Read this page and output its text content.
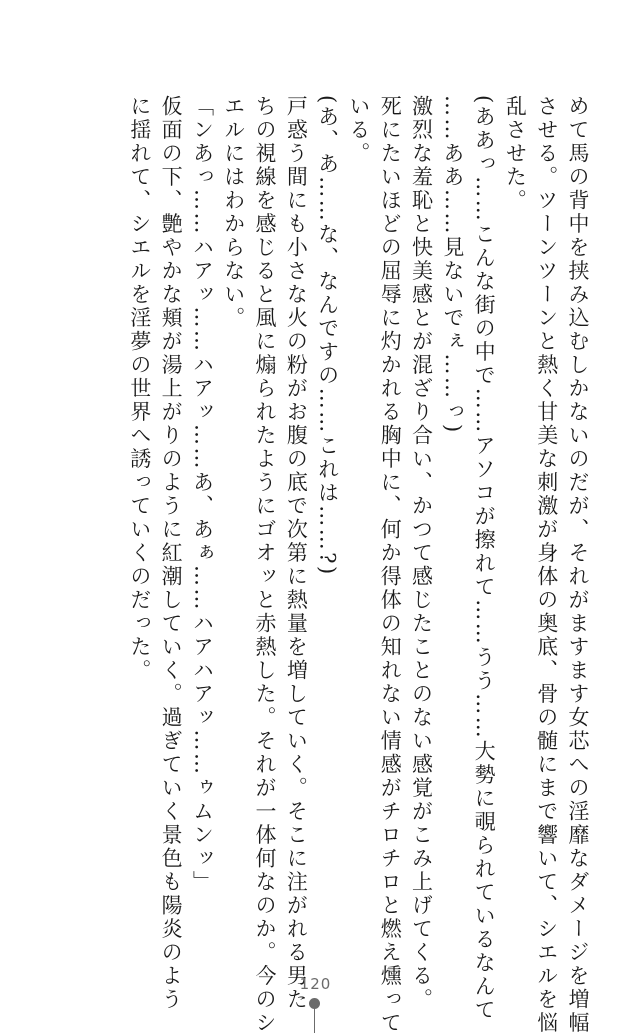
めて馬の背中を挟み込むしかないのだが、それがますます女芯への淫靡なダメージを増幅
させる。ツーンツーンと熱く甘美な刺激が身体の奥底、骨の髄にまで響いて、シエルを悩
乱させた。
(ああっ……こんな街の中で……アソコが擦れて……うう……大勢に覗られているなんて
……ああ……見ないでぇ……っ)
激烈な羞恥と快美感とが混ざり合い、かつて感じたことのない感覚がこみ上げてくる。
死にたいほどの屈辱に灼かれる胸中に、何か得体の知れない情感がチロチロと燃え燻って
いる。
(あ、あ……な、なんですの……これは……?)
戸惑う間にも小さな火の粉がお腹の底で次第に熱量を増していく。そこに注がれる男た
ちの視線を感じると風に煽られたようにゴオッと赤熱した。それが一体何なのか。今のシ
エルにはわからない。
「ンあっ……ハアッ……ハアッ……あ、あぁ……ハアハアッ……ゥムンッ」
仮面の下、艶やかな頬が湯上がりのように紅潮していく。過ぎていく景色も陽炎のよう
に揺れて、シエルを淫夢の世界へ誘っていくのだった。
120
